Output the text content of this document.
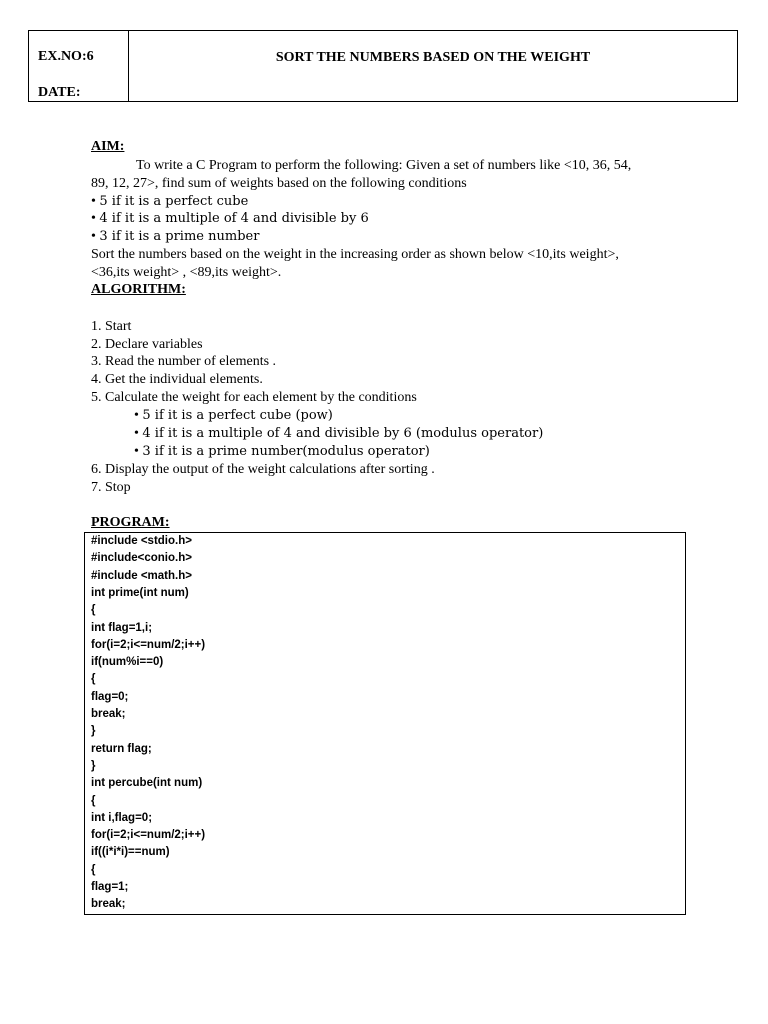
EX.NO:6
DATE:
SORT THE NUMBERS BASED ON THE WEIGHT
AIM:
To write a C Program to perform the following: Given a set of numbers like <10, 36, 54,
89, 12, 27>, find sum of weights based on the following conditions
• 5 if it is a perfect cube
• 4 if it is a multiple of 4 and divisible by 6
• 3 if it is a prime number
Sort the numbers based on the weight in the increasing order as shown below <10,its weight>,
<36,its weight> , <89,its weight>.
ALGORITHM:
1. Start
2. Declare variables
3. Read the number of elements .
4. Get the individual elements.
5. Calculate the weight for each element by the conditions
• 5 if it is a perfect cube (pow)
• 4 if it is a multiple of 4 and divisible by 6 (modulus operator)
• 3 if it is a prime number(modulus operator)
6. Display the output of the weight calculations after sorting .
7. Stop
PROGRAM:
#include <stdio.h>
#include<conio.h>
#include <math.h>
int prime(int num)
{
int flag=1,i;
for(i=2;i<=num/2;i++)
if(num%i==0)
{
flag=0;
break;
}
return flag;
}
int percube(int num)
{
int i,flag=0;
for(i=2;i<=num/2;i++)
if((i*i*i)==num)
{
flag=1;
break;
